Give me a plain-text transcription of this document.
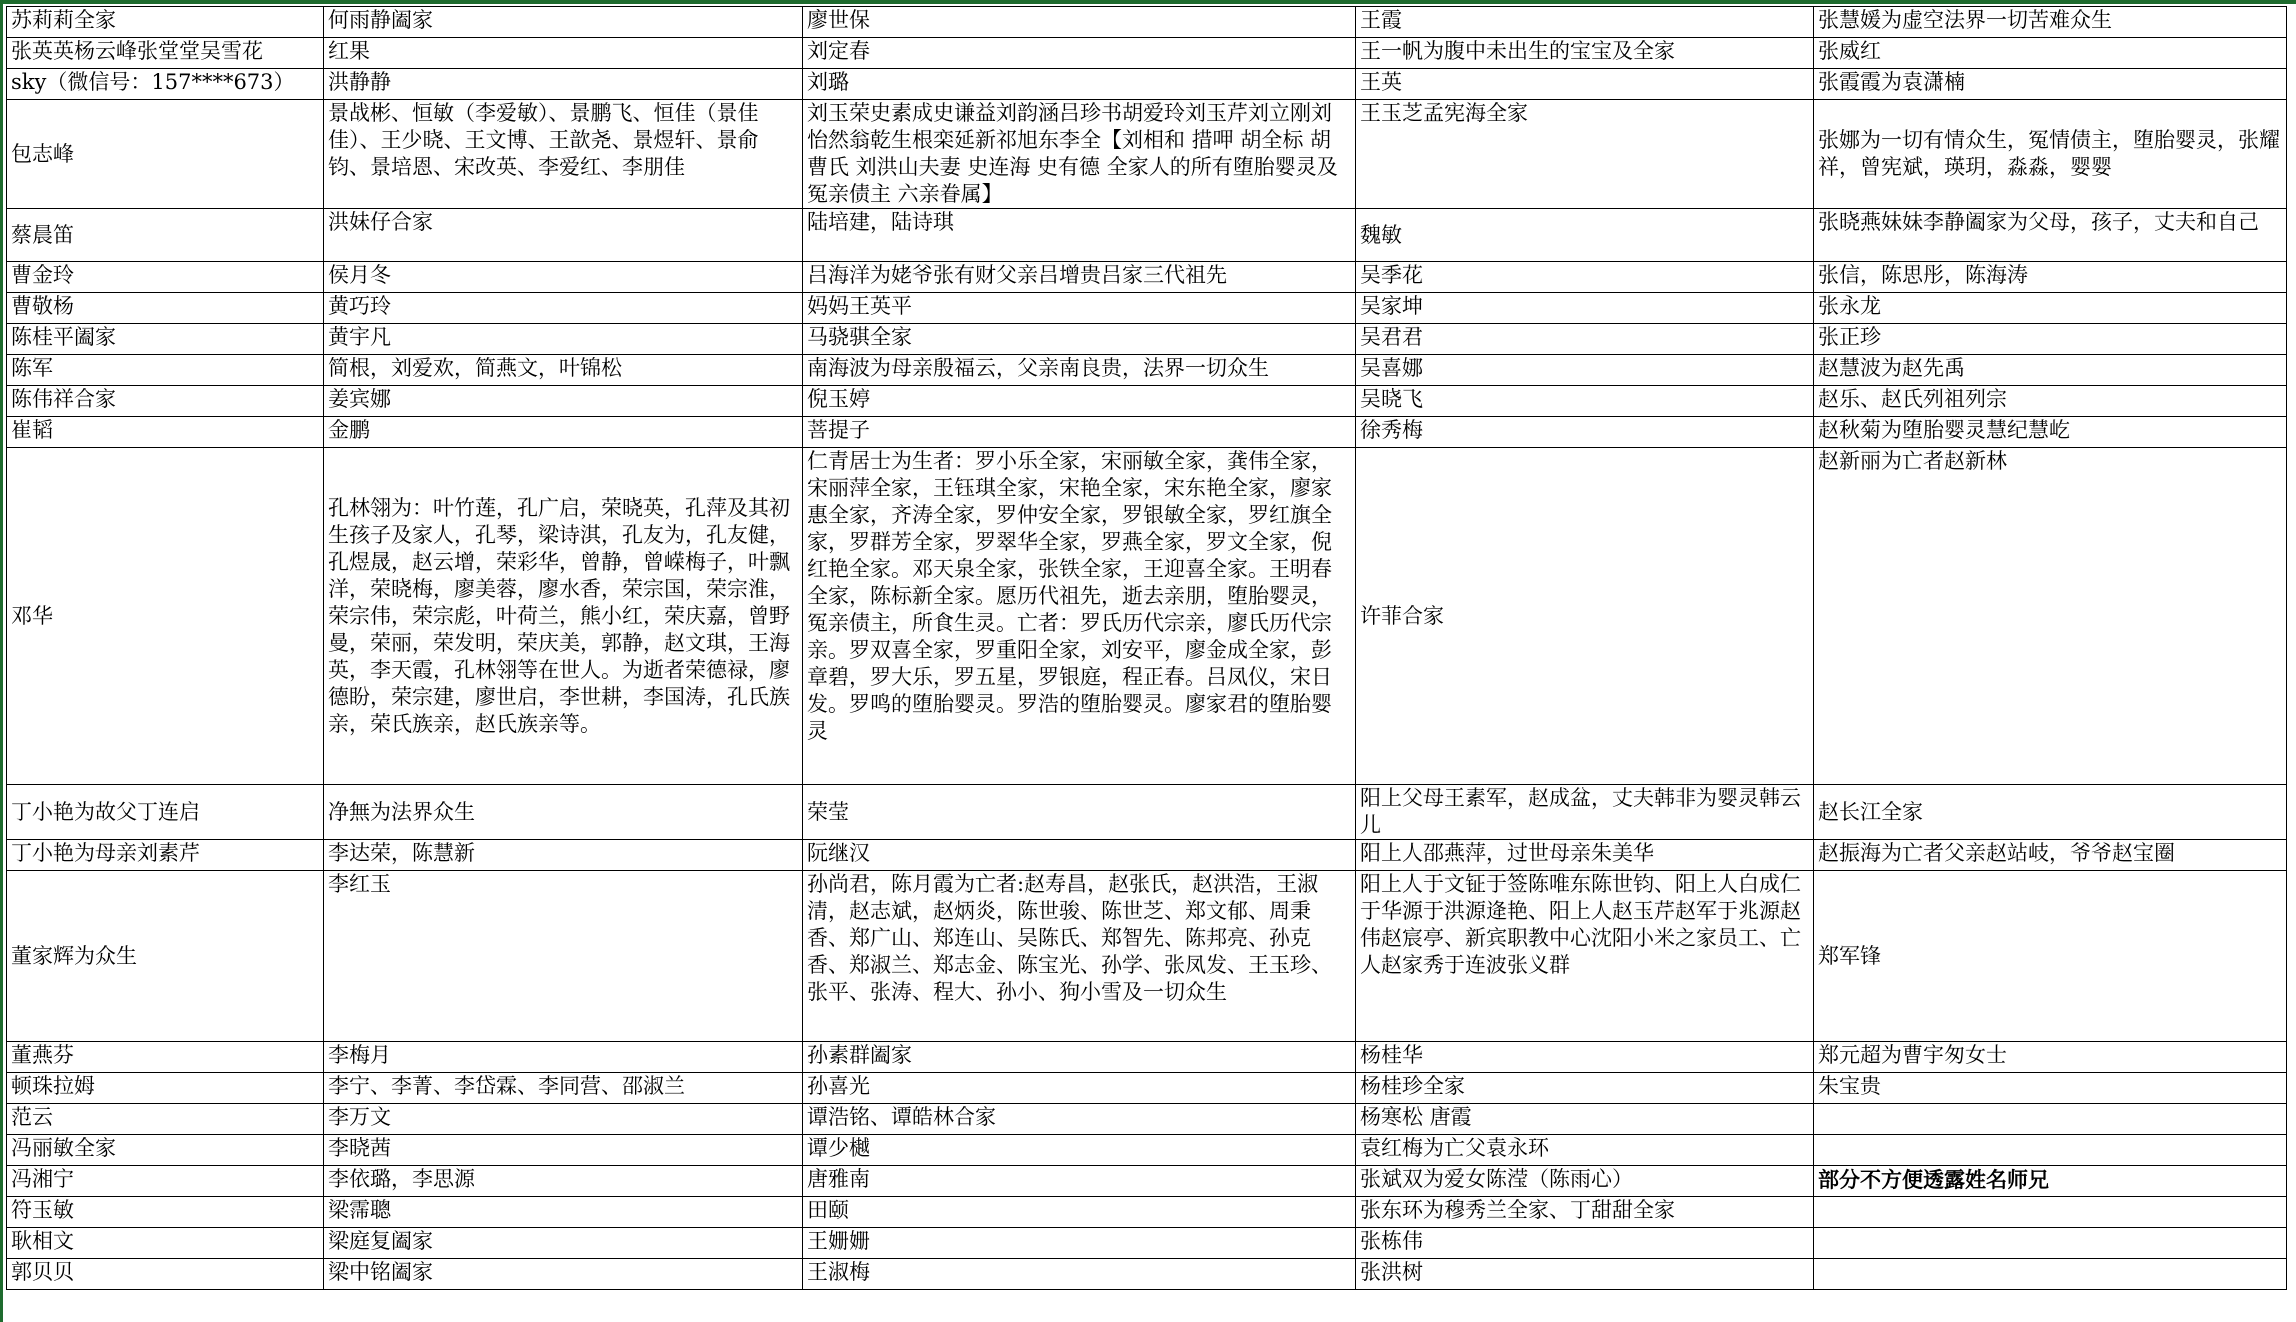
苏莉莉全家	何雨静阖家	廖世保	王霞	张慧媛为虚空法界一切苦难众生
张英英杨云峰张堂堂吴雪花	红果	刘定春	王一帆为腹中未出生的宝宝及全家	张威红
sky（微信号：157****673）	洪静静	刘璐	王英	张霞霞为袁潇楠
包志峰	景战彬、恒敏（李爱敏）、景鹏飞、恒佳（景佳佳）、王少晓、王文博、王歆尧、景煜轩、景俞钧、景培恩、宋改英、李爱红、李朋佳	刘玉荣史素成史谦益刘韵涵吕珍书胡爱玲刘玉芹刘立刚刘怡然翁乾生根栾延新祁旭东李全【刘相和 措呷 胡全标 胡曹氏 刘洪山夫妻 史连海 史有德 全家人的所有堕胎婴灵及冤亲债主 六亲眷属】	王玉芝孟宪海全家	张娜为一切有情众生，冤情债主，堕胎婴灵，张耀祥，曾宪斌，瑛玥，淼淼，婴婴
蔡晨笛	洪妹仔合家	陆培建，陆诗琪	魏敏	张晓燕妹妹李静阖家为父母，孩子，丈夫和自己
曹金玲	侯月冬	吕海洋为姥爷张有财父亲吕增贵吕家三代祖先	吴季花	张信，陈思彤，陈海涛
曹敬杨	黄巧玲	妈妈王英平	吴家坤	张永龙
陈桂平阖家	黄宇凡	马骁骐全家	吴君君	张正珍
陈军	简根，刘爱欢，简燕文，叶锦松	南海波为母亲殷福云，父亲南良贵，法界一切众生	吴喜娜	赵慧波为赵先禹
陈伟祥合家	姜宾娜	倪玉婷	吴晓飞	赵乐、赵氏列祖列宗
崔韬	金鹏	菩提子	徐秀梅	赵秋菊为堕胎婴灵慧纪慧屹
邓华	孔林翎为：叶竹莲，孔广启，荣晓英，孔萍及其初生孩子及家人，孔琴，梁诗淇，孔友为，孔友健，孔煜晟，赵云增，荣彩华，曾静，曾嵘梅子，叶飘洋，荣晓梅，廖美蓉，廖水香，荣宗国，荣宗淮，荣宗伟，荣宗彪，叶荷兰，熊小红，荣庆嘉，曾野曼，荣丽，荣发明，荣庆美，郭静，赵文琪，王海英，李天霞，孔林翎等在世人。为逝者荣德禄，廖德盼，荣宗建，廖世启，李世耕，李国涛，孔氏族亲，荣氏族亲，赵氏族亲等。	仁青居士为生者：罗小乐全家，宋丽敏全家，龚伟全家，宋丽萍全家，王钰琪全家，宋艳全家，宋东艳全家，廖家惠全家，齐涛全家，罗仲安全家，罗银敏全家，罗红旗全家，罗群芳全家，罗翠华全家，罗燕全家，罗文全家，倪红艳全家。邓天泉全家，张铁全家，王迎喜全家。王明春全家，陈标新全家。愿历代祖先，逝去亲朋，堕胎婴灵，冤亲债主，所食生灵。亡者：罗氏历代宗亲，廖氏历代宗亲。罗双喜全家，罗重阳全家，刘安平，廖金成全家，彭章碧，罗大乐，罗五星，罗银庭，程正春。吕凤仪，宋日发。罗鸣的堕胎婴灵。罗浩的堕胎婴灵。廖家君的堕胎婴灵	许菲合家	赵新丽为亡者赵新林
丁小艳为故父丁连启	净無为法界众生	荣莹	阳上父母王素军，赵成盆，丈夫韩非为婴灵韩云儿	赵长江全家
丁小艳为母亲刘素芹	李达荣，陈慧新	阮继汉	阳上人邵燕萍，过世母亲朱美华	赵振海为亡者父亲赵站岐，爷爷赵宝圈
董家辉为众生	李红玉	孙尚君，陈月霞为亡者:赵寿昌，赵张氏，赵洪浩，王淑清，赵志斌，赵炳炎，陈世骏、陈世芝、郑文郁、周秉香、郑广山、郑连山、吴陈氏、郑智先、陈邦亮、孙克香、郑淑兰、郑志金、陈宝光、孙学、张凤发、王玉珍、张平、张涛、程大、孙小、狗小雪及一切众生	阳上人于文钲于签陈唯东陈世钧、阳上人白成仁于华源于洪源逄艳、阳上人赵玉芹赵军于兆源赵伟赵宸亭、新宾职教中心沈阳小米之家员工、亡人赵家秀于连波张义群	郑军锋
董燕芬	李梅月	孙素群阖家	杨桂华	郑元超为曹宇匆女士
顿珠拉姆	李宁、李菁、李岱霖、李同营、邵淑兰	孙喜光	杨桂珍全家	朱宝贵
范云	李万文	谭浩铭、谭皓林合家	杨寒松 唐霞	
冯丽敏全家	李晓茜	谭少樾	袁红梅为亡父袁永环	
冯湘宁	李依璐，李思源	唐雅南	张斌双为爱女陈滢（陈雨心）	部分不方便透露姓名师兄
符玉敏	梁霈聰	田颐	张东环为穆秀兰全家、丁甜甜全家	
耿相文	梁庭复阖家	王姗姗	张栋伟	
郭贝贝	梁中铭阖家	王淑梅	张洪树	
